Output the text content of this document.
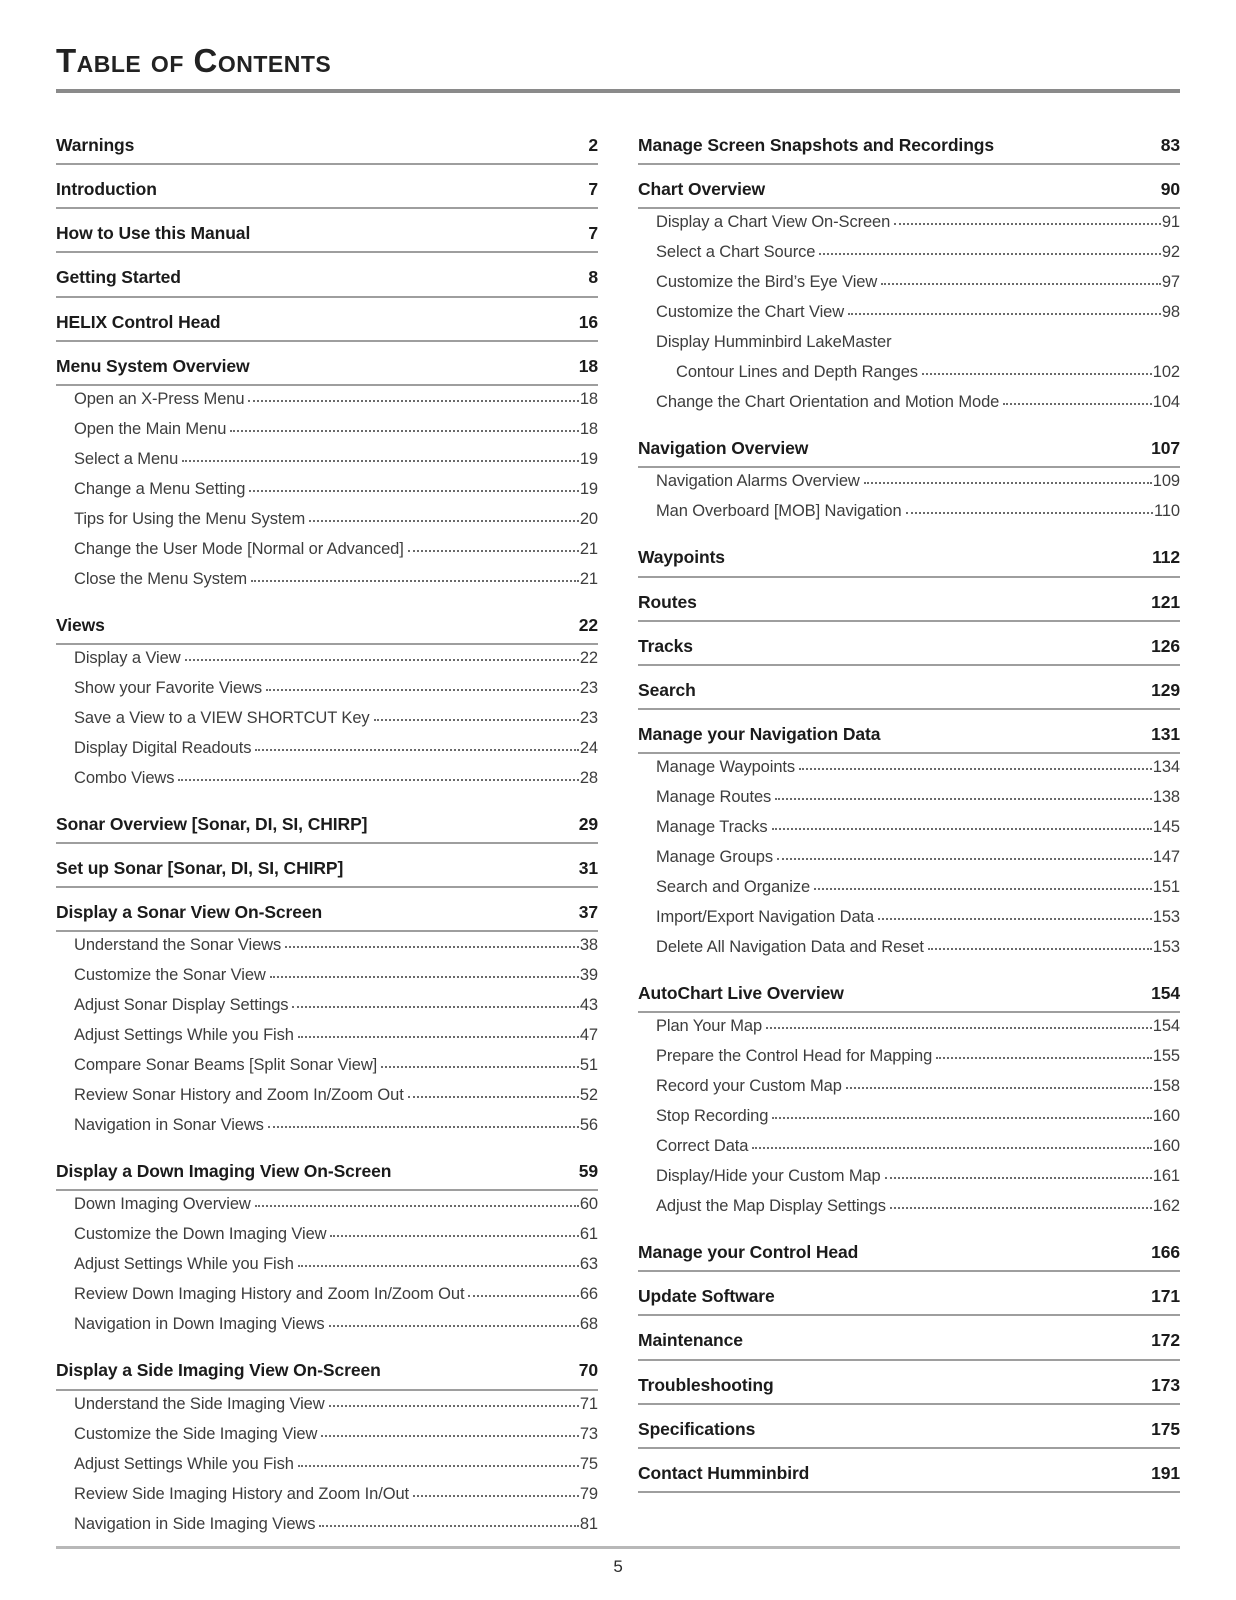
Table of Contents
Warnings	2
Introduction	7
How to Use this Manual	7
Getting Started	8
HELIX Control Head	16
Menu System Overview	18
Open an X-Press Menu	18
Open the Main Menu	18
Select a Menu	19
Change a Menu Setting	19
Tips for Using the Menu System	20
Change the User Mode [Normal or Advanced]	21
Close the Menu System	21
Views	22
Display a View	22
Show your Favorite Views	23
Save a View to a VIEW SHORTCUT Key	23
Display Digital Readouts	24
Combo Views	28
Sonar Overview [Sonar, DI, SI, CHIRP]	29
Set up Sonar [Sonar, DI, SI, CHIRP]	31
Display a Sonar View On-Screen	37
Understand the Sonar Views	38
Customize the Sonar View	39
Adjust Sonar Display Settings	43
Adjust Settings While you Fish	47
Compare Sonar Beams [Split Sonar View]	51
Review Sonar History and Zoom In/Zoom Out	52
Navigation in Sonar Views	56
Display a Down Imaging View On-Screen	59
Down Imaging Overview	60
Customize the Down Imaging View	61
Adjust Settings While you Fish	63
Review Down Imaging History and Zoom In/Zoom Out	66
Navigation in Down Imaging Views	68
Display a Side Imaging View On-Screen	70
Understand the Side Imaging View	71
Customize the Side Imaging View	73
Adjust Settings While you Fish	75
Review Side Imaging History and Zoom In/Out	79
Navigation in Side Imaging Views	81
Manage Screen Snapshots and Recordings	83
Chart Overview	90
Display a Chart View On-Screen	91
Select a Chart Source	92
Customize the Bird’s Eye View	97
Customize the Chart View	98
Display Humminbird LakeMaster
Contour Lines and Depth Ranges	102
Change the Chart Orientation and Motion Mode	104
Navigation Overview	107
Navigation Alarms Overview	109
Man Overboard [MOB] Navigation	110
Waypoints	112
Routes	121
Tracks	126
Search	129
Manage your Navigation Data	131
Manage Waypoints	134
Manage Routes	138
Manage Tracks	145
Manage Groups	147
Search and Organize	151
Import/Export Navigation Data	153
Delete All Navigation Data and Reset	153
AutoChart Live Overview	154
Plan Your Map	154
Prepare the Control Head for Mapping	155
Record your Custom Map	158
Stop Recording	160
Correct Data	160
Display/Hide your Custom Map	161
Adjust the Map Display Settings	162
Manage your Control Head	166
Update Software	171
Maintenance	172
Troubleshooting	173
Specifications	175
Contact Humminbird	191
5
